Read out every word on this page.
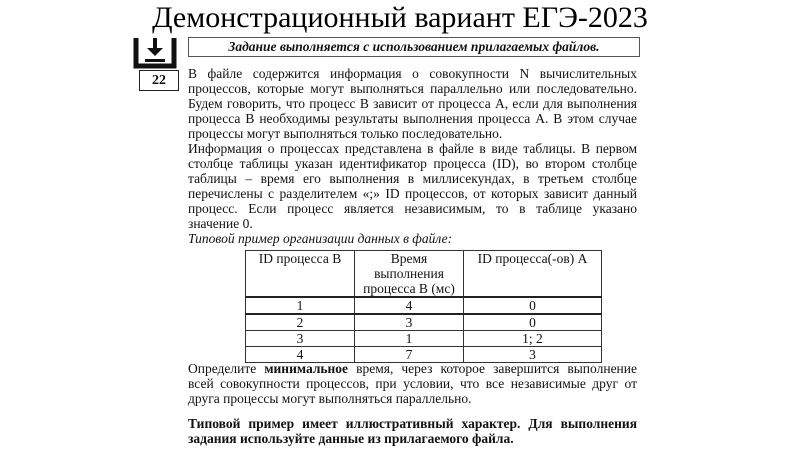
Демонстрационный вариант ЕГЭ-2023
22
Задание выполняется с использованием прилагаемых файлов.
В файле содержится информация о совокупности N вычислительных
процессов, которые могут выполняться параллельно или последовательно.
Будем говорить, что процесс B зависит от процесса A, если для выполнения
процесса B необходимы результаты выполнения процесса A. В этом случае
процессы могут выполняться только последовательно.
Информация о процессах представлена в файле в виде таблицы. В первом
столбце таблицы указан идентификатор процесса (ID), во втором столбце
таблицы – время его выполнения в миллисекундах, в третьем столбце
перечислены с разделителем «;» ID процессов, от которых зависит данный
процесс. Если процесс является независимым, то в таблице указано
значение 0.
Типовой пример организации данных в файле:
ID процесса B	Время выполнения процесса B (мс)	ID процесса(-ов) A
1	4	0
2	3	0
3	1	1; 2
4	7	3
Определите минимальное время, через которое завершится выполнение
всей совокупности процессов, при условии, что все независимые друг от
друга процессы могут выполняться параллельно.
Типовой пример имеет иллюстративный характер. Для выполнения
задания используйте данные из прилагаемого файла.
